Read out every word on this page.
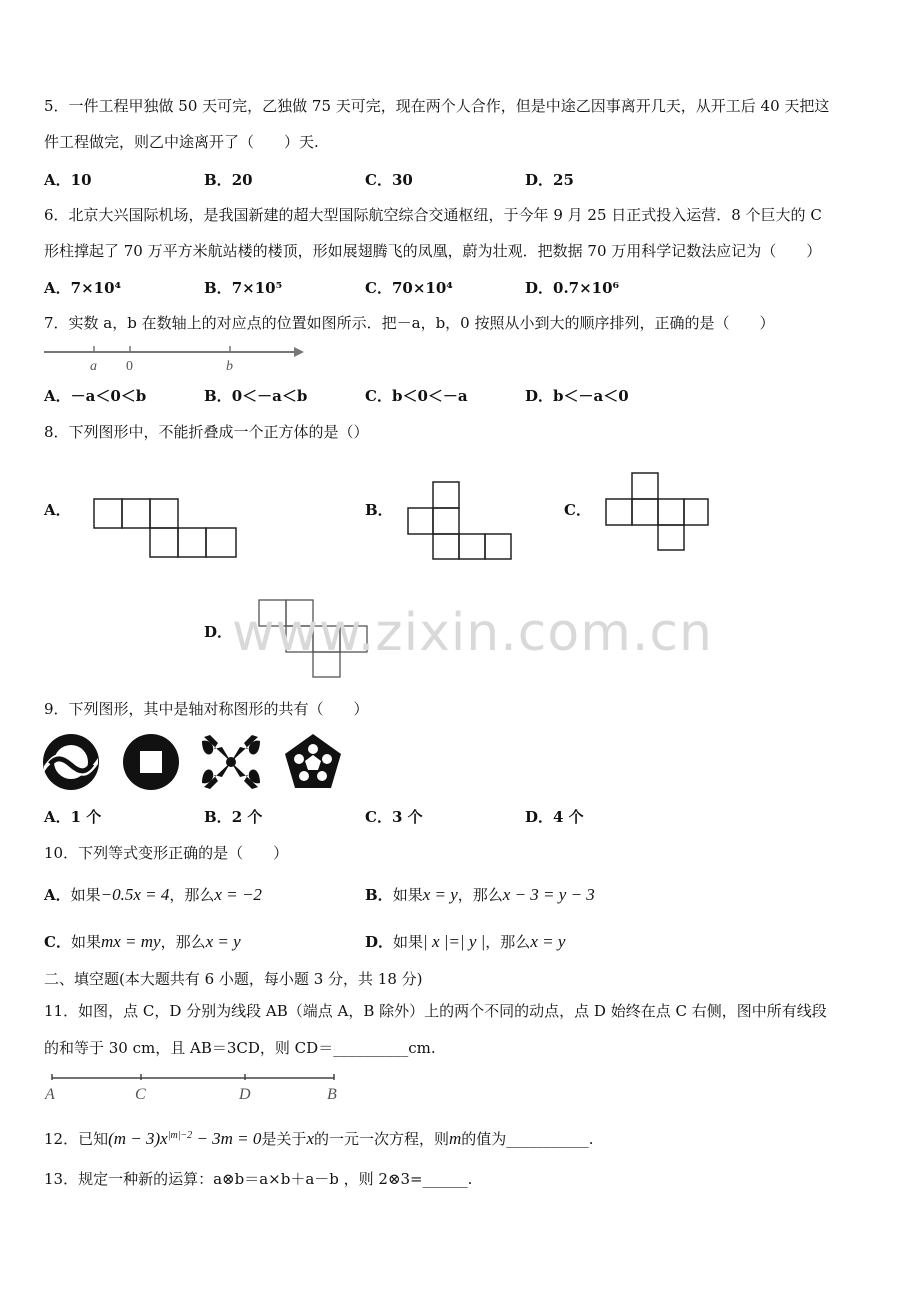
5．一件工程甲独做 50 天可完，乙独做 75 天可完，现在两个人合作，但是中途乙因事离开几天，从开工后 40 天把这
件工程做完，则乙中途离开了（　　）天.
A．10	B．20	C．30	D．25
6．北京大兴国际机场，是我国新建的超大型国际航空综合交通枢纽，于今年 9 月 25 日正式投入运营．8 个巨大的 C
形柱撑起了 70 万平方米航站楼的楼顶，形如展翅腾飞的凤凰，蔚为壮观．把数据 70 万用科学记数法应记为（　　）
A．7×10⁴	B．7×10⁵	C．70×10⁴	D．0.7×10⁶
7．实数 a，b 在数轴上的对应点的位置如图所示．把－a，b，0 按照从小到大的顺序排列，正确的是（　　）
a 0	b
A．－a＜0＜b	B．0＜－a＜b	C．b＜0＜－a	D．b＜－a＜0
8．下列图形中，不能折叠成一个正方体的是（）
A．	B．	C．
D． www.zixin.com.cn
9．下列图形，其中是轴对称图形的共有（　　）
A．1 个	B．2 个	C．3 个	D．4 个
10．下列等式变形正确的是（　　）
A．如果−0.5x = 4，那么x = −2	B．如果x = y，那么x − 3 = y − 3
C．如果mx = my，那么x = y	D．如果| x |=| y |，那么x = y
二、填空题(本大题共有 6 小题，每小题 3 分，共 18 分)
11．如图，点 C，D 分别为线段 AB（端点 A，B 除外）上的两个不同的动点，点 D 始终在点 C 右侧，图中所有线段
的和等于 30 cm，且 AB＝3CD，则 CD＝__________cm.
A	C	D	B
12．已知$(m - 3)x^{|m|-2} - 3m = 0$是关于x的一元一次方程，则m的值为___________.
13．规定一种新的运算：a⊗b＝a×b＋a－b ，则 2⊗3=______.
